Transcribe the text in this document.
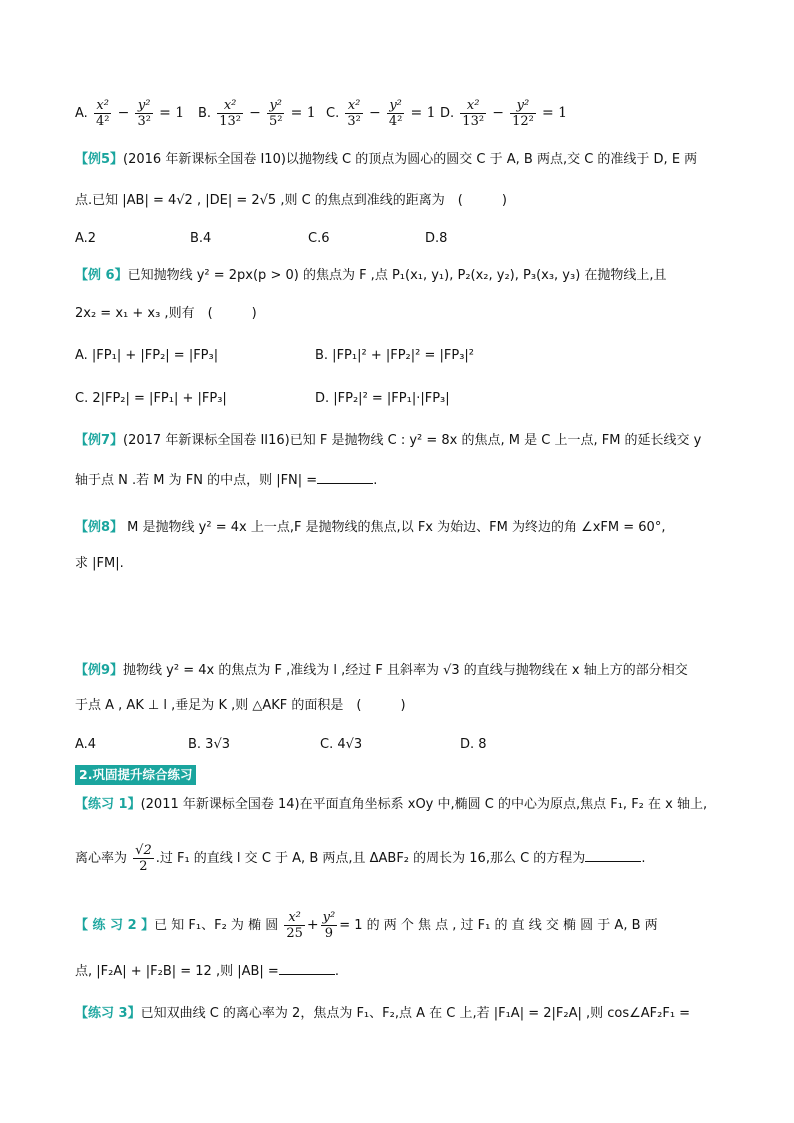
A. $\frac{\text{x²}}{\text{4²}} - \frac{\text{y²}}{\text{3²}} = 1$ B. $\frac{\text{x²}}{\text{13²}} - \frac{\text{y²}}{\text{5²}} = 1$ C. $\frac{\text{x²}}{\text{3²}} - \frac{\text{y²}}{\text{4²}} = 1$ D. $\frac{\text{x²}}{\text{13²}} - \frac{\text{y²}}{\text{12²}} = 1$
【例5】(2016 年新课标全国卷 I10)以抛物线 C 的顶点为圆心的圆交 C 于 A, B 两点,交 C 的准线于 D, E 两
点.已知 |AB| = 4√2 , |DE| = 2√5 ,则 C 的焦点到准线的距离为　(　　　)
A.2	B.4	C.6	D.8
【例 6】已知抛物线 y² = 2px(p > 0) 的焦点为 F ,点 P₁(x₁, y₁), P₂(x₂, y₂), P₃(x₃, y₃) 在抛物线上,且
2x₂ = x₁ + x₃ ,则有　(　　　)
A. |FP₁| + |FP₂| = |FP₃|	B. |FP₁|² + |FP₂|² = |FP₃|²
C. 2|FP₂| = |FP₁| + |FP₃|	D. |FP₂|² = |FP₁|·|FP₃|
【例7】(2017 年新课标全国卷 II16)已知 F 是抛物线 C : y² = 8x 的焦点, M 是 C 上一点, FM 的延长线交 y
轴于点 N .若 M 为 FN 的中点，则 |FN| =	.
【例8】 M 是抛物线 y² = 4x 上一点,F 是抛物线的焦点,以 Fx 为始边、FM 为终边的角 ∠xFM = 60°,
求 |FM|.
【例9】抛物线 y² = 4x 的焦点为 F ,准线为 l ,经过 F 且斜率为 √3 的直线与抛物线在 x 轴上方的部分相交
于点 A , AK ⊥ l ,垂足为 K ,则 △AKF 的面积是　(　　　)
A.4	B. 3√3	C. 4√3	D. 8
2.巩固提升综合练习
【练习 1】(2011 年新课标全国卷 14)在平面直角坐标系 xOy 中,椭圆 C 的中心为原点,焦点 F₁, F₂ 在 x 轴上,
离心率为 $\frac{√2}{2}$ .过 F₁ 的直线 l 交 C 于 A, B 两点,且 ΔABF₂ 的周长为 16,那么 C 的方程为	.
【 练 习 2 】已 知 F₁、F₂ 为 椭 圆 $\frac{\text{x²}}{25} + \frac{\text{y²}}{9} = 1$ 的 两 个 焦 点 , 过 F₁ 的 直 线 交 椭 圆 于 A, B 两
点, |F₂A| + |F₂B| = 12 ,则 |AB| =	.
【练习 3】已知双曲线 C 的离心率为 2，焦点为 F₁、F₂,点 A 在 C 上,若 |F₁A| = 2|F₂A| ,则 cos∠AF₂F₁ =
